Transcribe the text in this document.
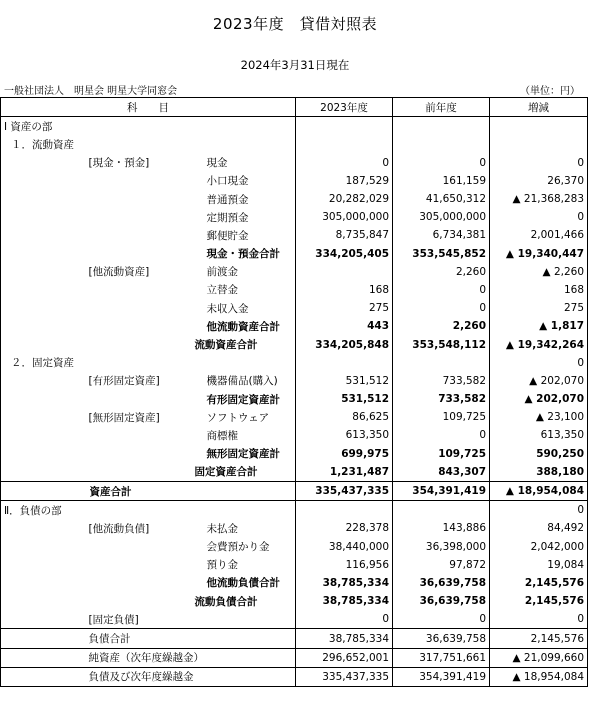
2023年度　貸借対照表
2024年3月31日現在
一般社団法人　明星会 明星大学同窓会	（単位：円）
科　　目			2023年度	前年度	増減
Ⅰ 資産の部					
１．流動資産					
	[現金・預金]	現金	0	0	0
		小口現金	187,529	161,159	26,370
		普通預金	20,282,029	41,650,312	▲ 21,368,283
		定期預金	305,000,000	305,000,000	0
		郵便貯金	8,735,847	6,734,381	2,001,466
		現金・預金合計	334,205,405	353,545,852	▲ 19,340,447
	[他流動資産]	前渡金		2,260	▲ 2,260
		立替金	168	0	168
		未収入金	275	0	275
		他流動資産合計	443	2,260	▲ 1,817
		流動資産合計	334,205,848	353,548,112	▲ 19,342,264
２．固定資産					0
	[有形固定資産]	機器備品(購入)	531,512	733,582	▲ 202,070
		有形固定資産計	531,512	733,582	▲ 202,070
	[無形固定資産]	ソフトウェア	86,625	109,725	▲ 23,100
		商標権	613,350	0	613,350
		無形固定資産計	699,975	109,725	590,250
		固定資産合計	1,231,487	843,307	388,180
	資産合計		335,437,335	354,391,419	▲ 18,954,084
Ⅱ．負債の部					0
	[他流動負債]	未払金	228,378	143,886	84,492
		会費預かり金	38,440,000	36,398,000	2,042,000
		預り金	116,956	97,872	19,084
		他流動負債合計	38,785,334	36,639,758	2,145,576
		流動負債合計	38,785,334	36,639,758	2,145,576
	[固定負債]		0	0	0
	負債合計		38,785,334	36,639,758	2,145,576
	純資産（次年度繰越金）		296,652,001	317,751,661	▲ 21,099,660
	負債及び次年度繰越金		335,437,335	354,391,419	▲ 18,954,084
